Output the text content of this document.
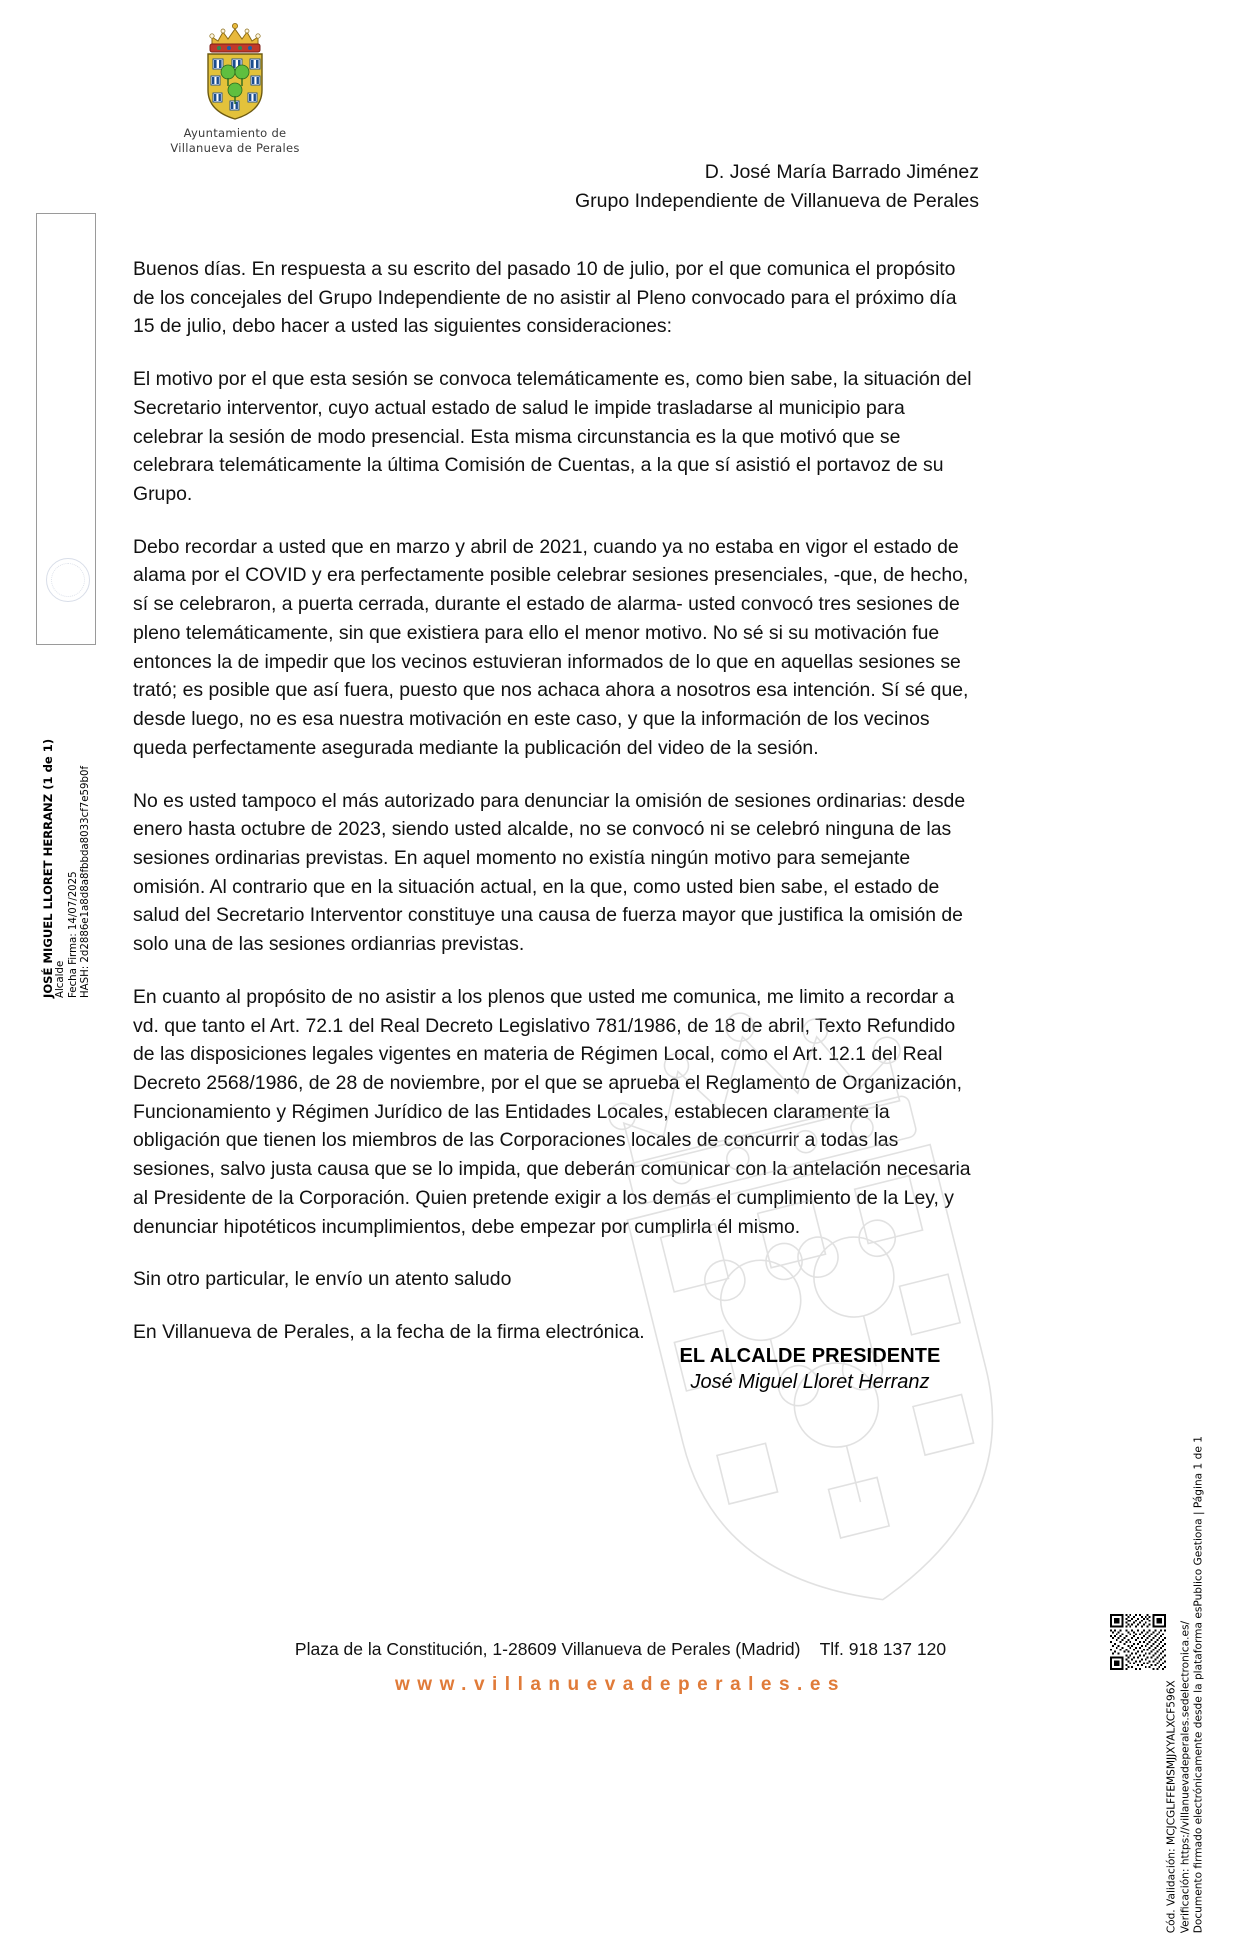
Ayuntamiento de
Villanueva de Perales
JOSÉ MIGUEL LLORET HERRANZ (1 de 1) Alcalde Fecha Firma: 14/07/2025 HASH: 2d2886e1a8d8a8fbbda8033cf7e59b0f
D. José María Barrado Jiménez
Grupo Independiente de Villanueva de Perales

Buenos días. En respuesta a su escrito del pasado 10 de julio, por el que comunica el propósito de los concejales del Grupo Independiente de no asistir al Pleno convocado para el próximo día 15 de julio, debo hacer a usted las siguientes consideraciones:

El motivo por el que esta sesión se convoca telemáticamente es, como bien sabe, la situación del Secretario interventor, cuyo actual estado de salud le impide trasladarse al municipio para celebrar la sesión de modo presencial. Esta misma circunstancia es la que motivó que se celebrara telemáticamente la última Comisión de Cuentas, a la que sí asistió el portavoz de su Grupo.

Debo recordar a usted que en marzo y abril de 2021, cuando ya no estaba en vigor el estado de alama por el COVID y era perfectamente posible celebrar sesiones presenciales, -que, de hecho, sí se celebraron, a puerta cerrada, durante el estado de alarma- usted convocó tres sesiones de pleno telemáticamente, sin que existiera para ello el menor motivo. No sé si su motivación fue entonces la de impedir que los vecinos estuvieran informados de lo que en aquellas sesiones se trató; es posible que así fuera, puesto que nos achaca ahora a nosotros esa intención. Sí sé que, desde luego, no es esa nuestra motivación en este caso, y que la información de los vecinos queda perfectamente asegurada mediante la publicación del video de la sesión.

No es usted tampoco el más autorizado para denunciar la omisión de sesiones ordinarias: desde enero hasta octubre de 2023, siendo usted alcalde, no se convocó ni se celebró ninguna de las sesiones ordinarias previstas. En aquel momento no existía ningún motivo para semejante omisión. Al contrario que en la situación actual, en la que, como usted bien sabe, el estado de salud del Secretario Interventor constituye una causa de fuerza mayor que justifica la omisión de solo una de las sesiones ordianrias previstas.

En cuanto al propósito de no asistir a los plenos que usted me comunica, me limito a recordar a vd. que tanto el Art. 72.1 del Real Decreto Legislativo 781/1986, de 18 de abril, Texto Refundido de las disposiciones legales vigentes en materia de Régimen Local, como el Art. 12.1 del Real Decreto 2568/1986, de 28 de noviembre, por el que se aprueba el Reglamento de Organización, Funcionamiento y Régimen Jurídico de las Entidades Locales, establecen claramente la obligación que tienen los miembros de las Corporaciones locales de concurrir a todas las sesiones, salvo justa causa que se lo impida, que deberán comunicar con la antelación necesaria al Presidente de la Corporación. Quien pretende exigir a los demás el cumplimiento de la Ley, y denunciar hipotéticos incumplimientos, debe empezar por cumplirla él mismo.

Sin otro particular, le envío un atento saludo

En Villanueva de Perales, a la fecha de la firma electrónica.

EL ALCALDE PRESIDENTE
José Miguel Lloret Herranz
Cód. Validación: MCJCGLFFEMSMJJXYALXCF596X Verificación: https://villanuevadeperales.sedelectronica.es/ Documento firmado electrónicamente desde la plataforma esPublico Gestiona | Página 1 de 1
Plaza de la Constitución, 1-28609 Villanueva de Perales (Madrid)    Tlf. 918 137 120
www.villanuevadeperales.es
